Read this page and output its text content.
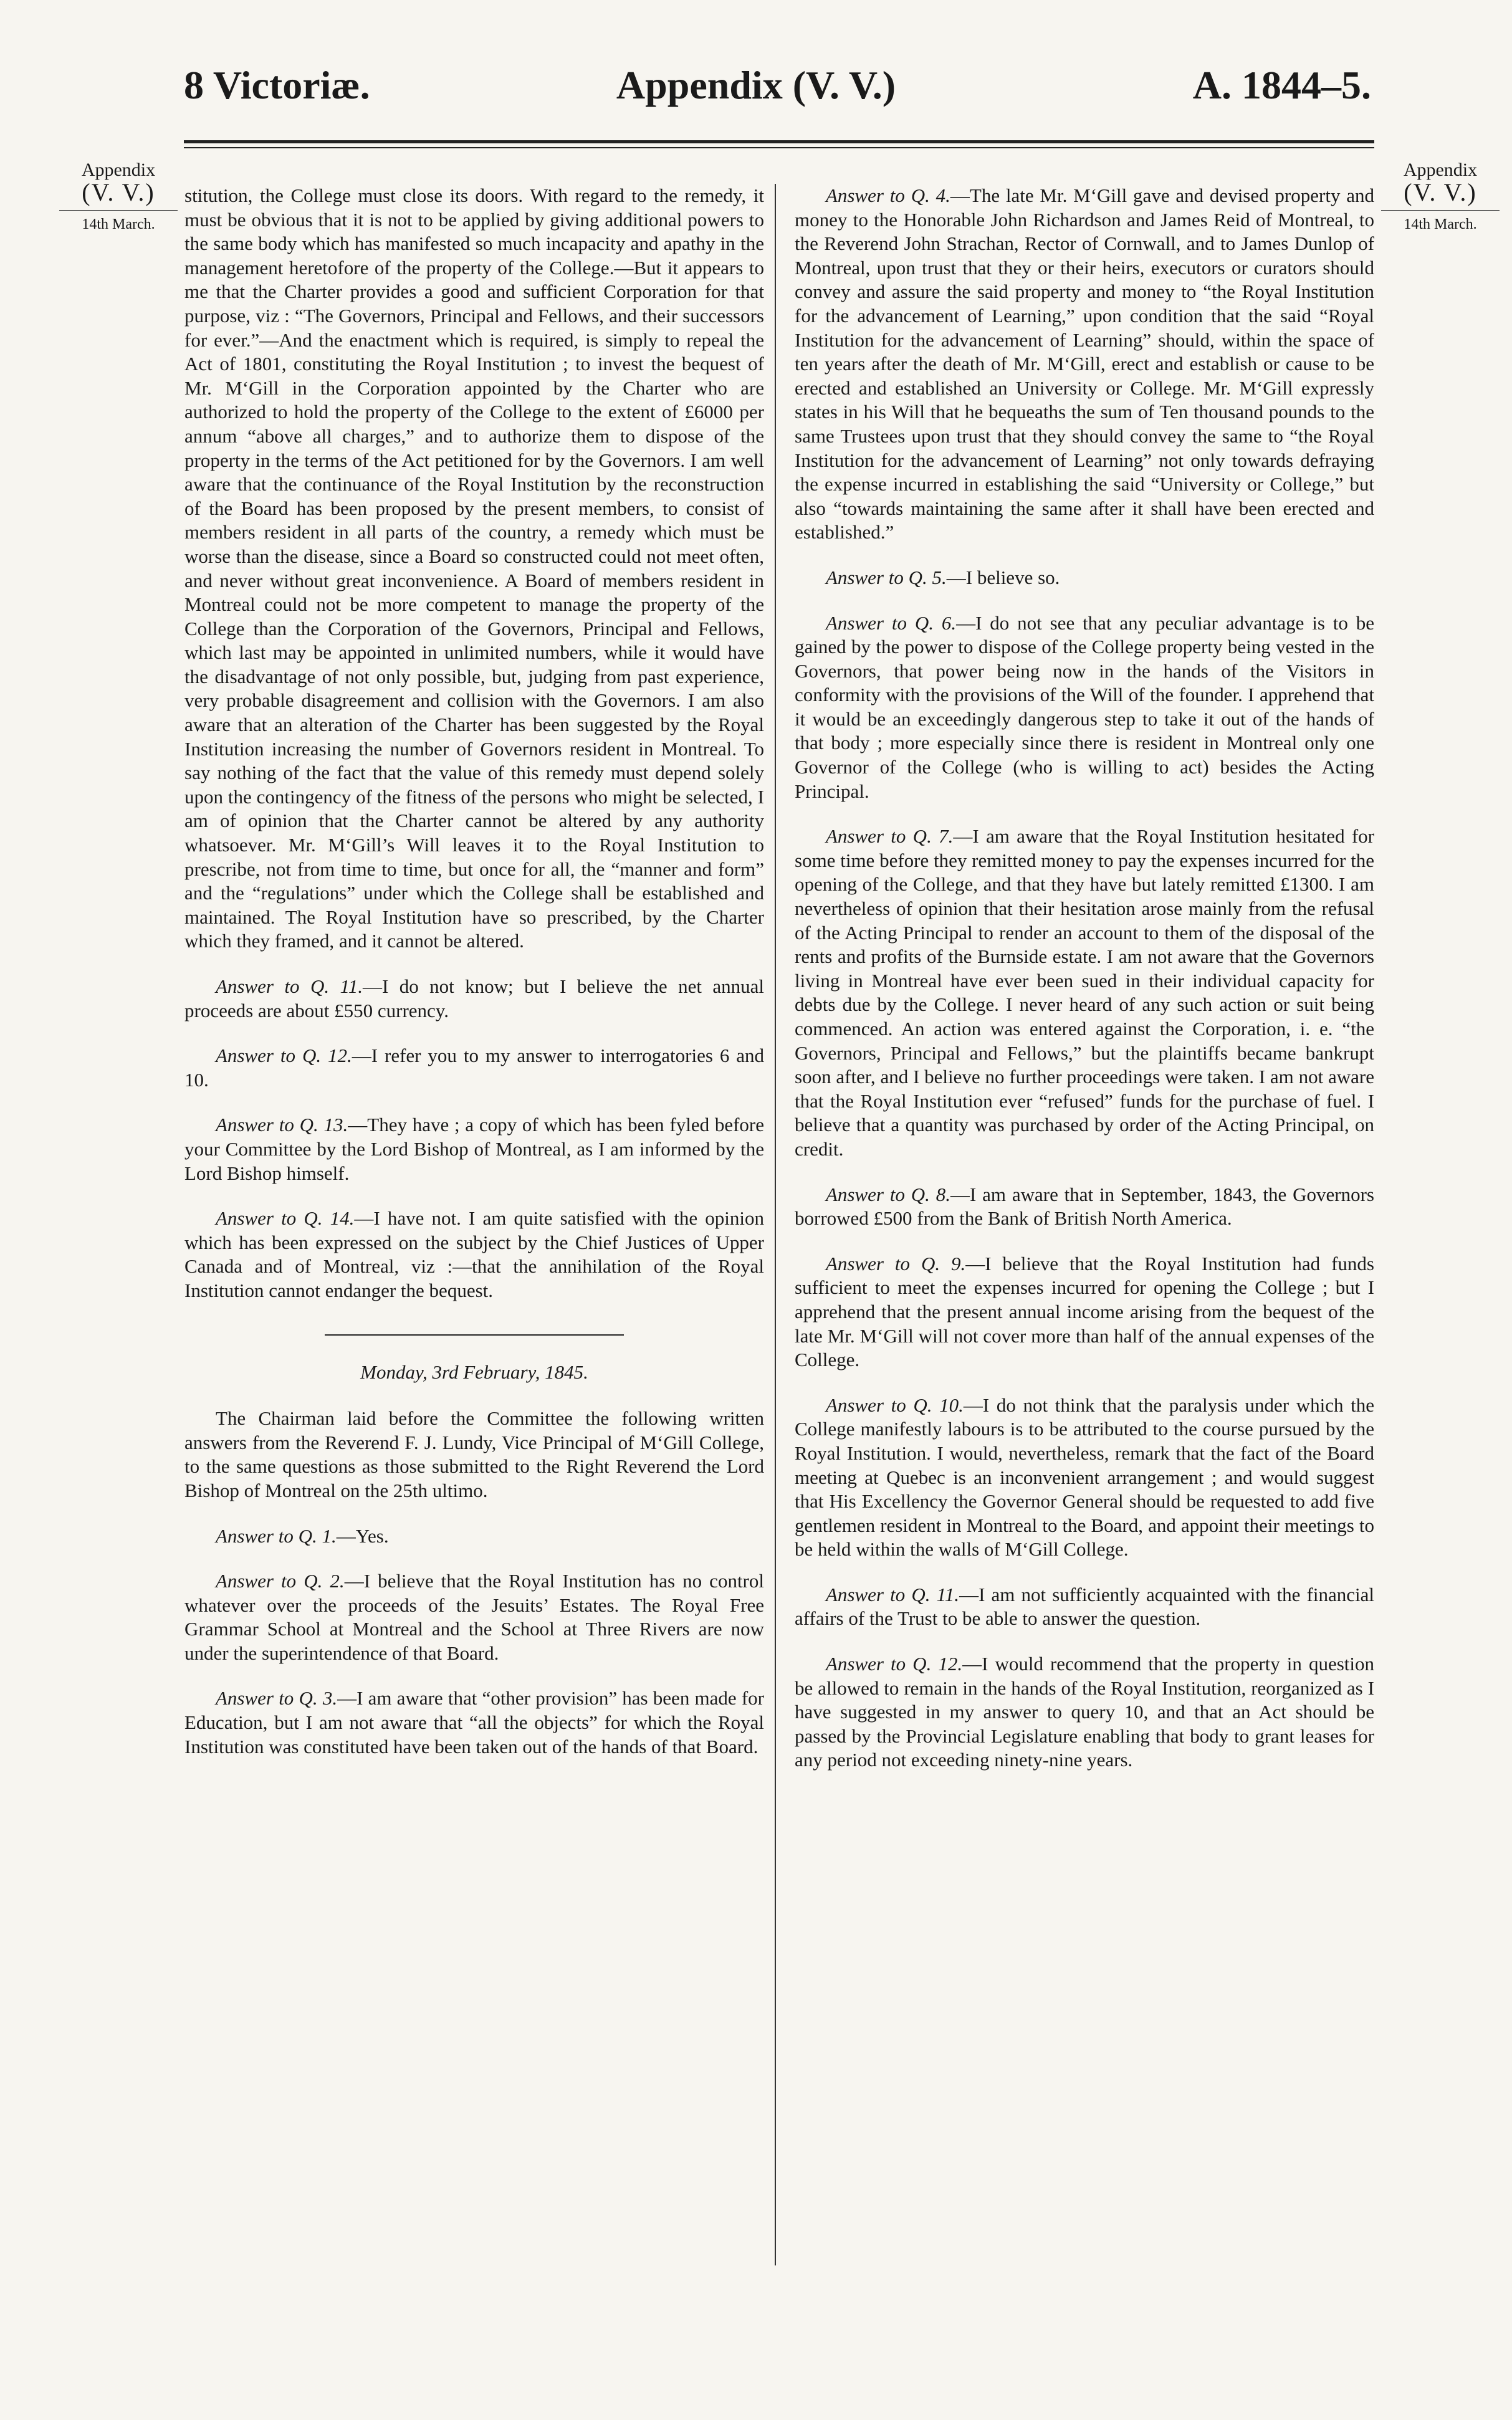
8 Victoriæ.	Appendix (V. V.)	A. 1844–5.
Appendix
(V. V.)
14th March.
Appendix
(V. V.)
14th March.

stitution, the College must close its doors. With regard to the remedy, it must be obvious that it is not to be applied by giving additional powers to the same body which has manifested so much incapacity and apathy in the management heretofore of the property of the College.—But it appears to me that the Charter provides a good and sufficient Corporation for that purpose, viz : “The Governors, Principal and Fellows, and their successors for ever.”—And the enactment which is required, is simply to repeal the Act of 1801, constituting the Royal Institution ; to invest the bequest of Mr. M‘Gill in the Corporation appointed by the Charter who are authorized to hold the property of the College to the extent of £6000 per annum “above all charges,” and to authorize them to dispose of the property in the terms of the Act petitioned for by the Governors. I am well aware that the continuance of the Royal Institution by the reconstruction of the Board has been proposed by the present members, to consist of members resident in all parts of the country, a remedy which must be worse than the disease, since a Board so constructed could not meet often, and never without great inconvenience. A Board of members resident in Montreal could not be more competent to manage the property of the College than the Corporation of the Governors, Principal and Fellows, which last may be appointed in unlimited numbers, while it would have the disadvantage of not only possible, but, judging from past experience, very probable disagreement and collision with the Governors. I am also aware that an alteration of the Charter has been suggested by the Royal Institution increasing the number of Governors resident in Montreal. To say nothing of the fact that the value of this remedy must depend solely upon the contingency of the fitness of the persons who might be selected, I am of opinion that the Charter cannot be altered by any authority whatsoever. Mr. M‘Gill’s Will leaves it to the Royal Institution to prescribe, not from time to time, but once for all, the “manner and form” and the “regulations” under which the College shall be established and maintained. The Royal Institution have so prescribed, by the Charter which they framed, and it cannot be altered.

Answer to Q. 11.—I do not know; but I believe the net annual proceeds are about £550 currency.

Answer to Q. 12.—I refer you to my answer to interrogatories 6 and 10.

Answer to Q. 13.—They have ; a copy of which has been fyled before your Committee by the Lord Bishop of Montreal, as I am informed by the Lord Bishop himself.

Answer to Q. 14.—I have not. I am quite satisfied with the opinion which has been expressed on the subject by the Chief Justices of Upper Canada and of Montreal, viz :—that the annihilation of the Royal Institution cannot endanger the bequest.

Monday, 3rd February, 1845.

The Chairman laid before the Committee the following written answers from the Reverend F. J. Lundy, Vice Principal of M‘Gill College, to the same questions as those submitted to the Right Reverend the Lord Bishop of Montreal on the 25th ultimo.

Answer to Q. 1.—Yes.

Answer to Q. 2.—I believe that the Royal Institution has no control whatever over the proceeds of the Jesuits’ Estates. The Royal Free Grammar School at Montreal and the School at Three Rivers are now under the superintendence of that Board.

Answer to Q. 3.—I am aware that “other provision” has been made for Education, but I am not aware that “all the objects” for which the Royal Institution was constituted have been taken out of the hands of that Board.

Answer to Q. 4.—The late Mr. M‘Gill gave and devised property and money to the Honorable John Richardson and James Reid of Montreal, to the Reverend John Strachan, Rector of Cornwall, and to James Dunlop of Montreal, upon trust that they or their heirs, executors or curators should convey and assure the said property and money to “the Royal Institution for the advancement of Learning,” upon condition that the said “Royal Institution for the advancement of Learning” should, within the space of ten years after the death of Mr. M‘Gill, erect and establish or cause to be erected and established an University or College. Mr. M‘Gill expressly states in his Will that he bequeaths the sum of Ten thousand pounds to the same Trustees upon trust that they should convey the same to “the Royal Institution for the advancement of Learning” not only towards defraying the expense incurred in establishing the said “University or College,” but also “towards maintaining the same after it shall have been erected and established.”

Answer to Q. 5.—I believe so.

Answer to Q. 6.—I do not see that any peculiar advantage is to be gained by the power to dispose of the College property being vested in the Governors, that power being now in the hands of the Visitors in conformity with the provisions of the Will of the founder. I apprehend that it would be an exceedingly dangerous step to take it out of the hands of that body ; more especially since there is resident in Montreal only one Governor of the College (who is willing to act) besides the Acting Principal.

Answer to Q. 7.—I am aware that the Royal Institution hesitated for some time before they remitted money to pay the expenses incurred for the opening of the College, and that they have but lately remitted £1300. I am nevertheless of opinion that their hesitation arose mainly from the refusal of the Acting Principal to render an account to them of the disposal of the rents and profits of the Burnside estate. I am not aware that the Governors living in Montreal have ever been sued in their individual capacity for debts due by the College. I never heard of any such action or suit being commenced. An action was entered against the Corporation, i. e. “the Governors, Principal and Fellows,” but the plaintiffs became bankrupt soon after, and I believe no further proceedings were taken. I am not aware that the Royal Institution ever “refused” funds for the purchase of fuel. I believe that a quantity was purchased by order of the Acting Principal, on credit.

Answer to Q. 8.—I am aware that in September, 1843, the Governors borrowed £500 from the Bank of British North America.

Answer to Q. 9.—I believe that the Royal Institution had funds sufficient to meet the expenses incurred for opening the College ; but I apprehend that the present annual income arising from the bequest of the late Mr. M‘Gill will not cover more than half of the annual expenses of the College.

Answer to Q. 10.—I do not think that the paralysis under which the College manifestly labours is to be attributed to the course pursued by the Royal Institution. I would, nevertheless, remark that the fact of the Board meeting at Quebec is an inconvenient arrangement ; and would suggest that His Excellency the Governor General should be requested to add five gentlemen resident in Montreal to the Board, and appoint their meetings to be held within the walls of M‘Gill College.

Answer to Q. 11.—I am not sufficiently acquainted with the financial affairs of the Trust to be able to answer the question.

Answer to Q. 12.—I would recommend that the property in question be allowed to remain in the hands of the Royal Institution, reorganized as I have suggested in my answer to query 10, and that an Act should be passed by the Provincial Legislature enabling that body to grant leases for any period not exceeding ninety-nine years.
